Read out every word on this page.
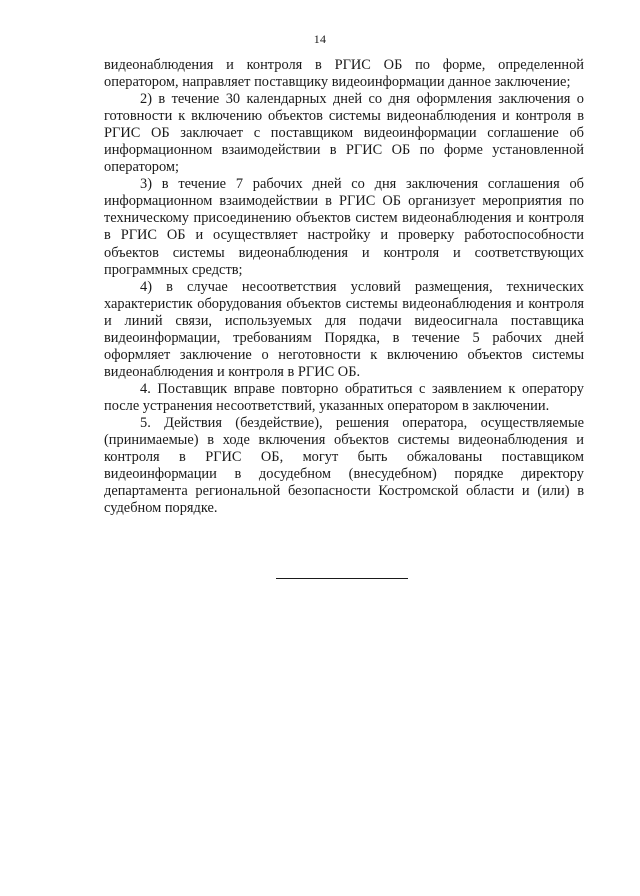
14

видеонаблюдения и контроля в РГИС ОБ по форме, определенной оператором, направляет поставщику видеоинформации данное заключение;

2) в течение 30 календарных дней со дня оформления заключения о готовности к включению объектов системы видеонаблюдения и контроля в РГИС ОБ заключает с поставщиком видеоинформации соглашение об информационном взаимодействии в РГИС ОБ по форме установленной оператором;

3) в течение 7 рабочих дней со дня заключения соглашения об информационном взаимодействии в РГИС ОБ организует мероприятия по техническому присоединению объектов систем видеонаблюдения и контроля в РГИС ОБ и осуществляет настройку и проверку работоспособности объектов системы видеонаблюдения и контроля и соответствующих программных средств;

4) в случае несоответствия условий размещения, технических характеристик оборудования объектов системы видеонаблюдения и контроля и линий связи, используемых для подачи видеосигнала поставщика видеоинформации, требованиям Порядка, в течение 5 рабочих дней оформляет заключение о неготовности к включению объектов системы видеонаблюдения и контроля в РГИС ОБ.

4. Поставщик вправе повторно обратиться с заявлением к оператору после устранения несоответствий, указанных оператором в заключении.

5. Действия (бездействие), решения оператора, осуществляемые (принимаемые) в ходе включения объектов системы видеонаблюдения и контроля в РГИС ОБ, могут быть обжалованы поставщиком видеоинформации в досудебном (внесудебном) порядке директору департамента региональной безопасности Костромской области и (или) в судебном порядке.
